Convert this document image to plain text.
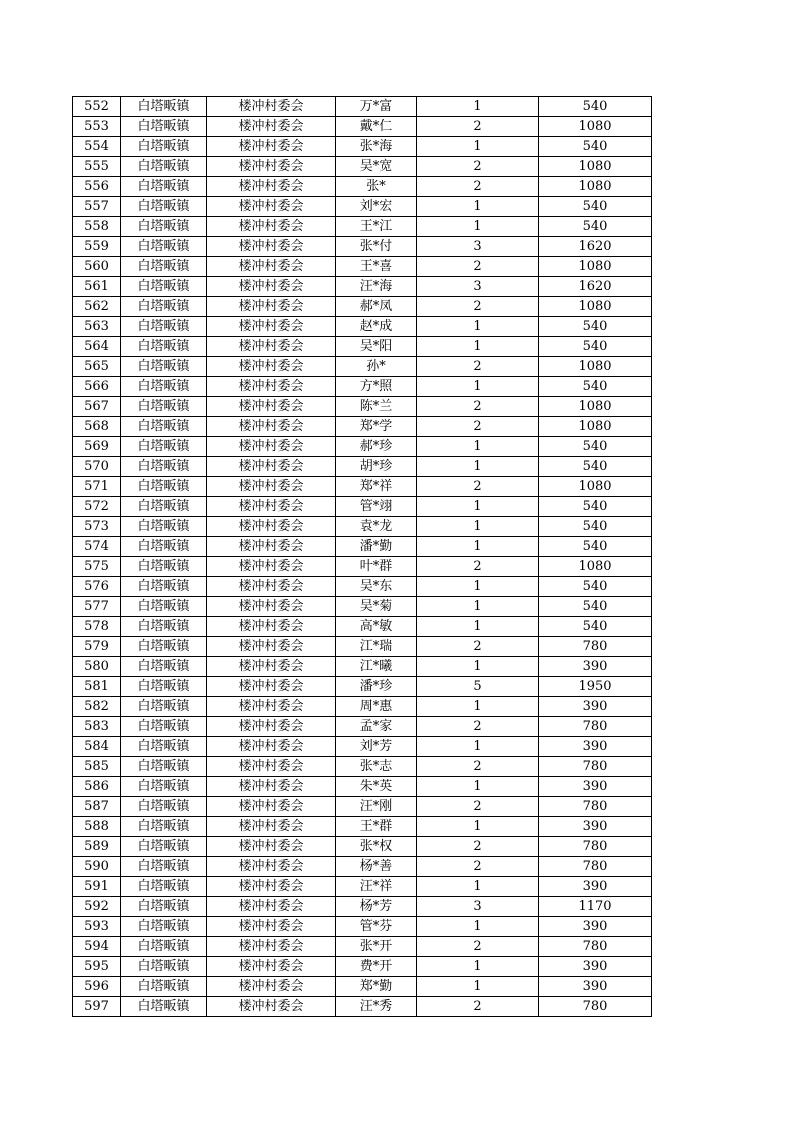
552	白塔畈镇	楼冲村委会	万*富	1	540
553	白塔畈镇	楼冲村委会	戴*仁	2	1080
554	白塔畈镇	楼冲村委会	张*海	1	540
555	白塔畈镇	楼冲村委会	吴*宽	2	1080
556	白塔畈镇	楼冲村委会	张*	2	1080
557	白塔畈镇	楼冲村委会	刘*宏	1	540
558	白塔畈镇	楼冲村委会	王*江	1	540
559	白塔畈镇	楼冲村委会	张*付	3	1620
560	白塔畈镇	楼冲村委会	王*喜	2	1080
561	白塔畈镇	楼冲村委会	汪*海	3	1620
562	白塔畈镇	楼冲村委会	郝*凤	2	1080
563	白塔畈镇	楼冲村委会	赵*成	1	540
564	白塔畈镇	楼冲村委会	吴*阳	1	540
565	白塔畈镇	楼冲村委会	孙*	2	1080
566	白塔畈镇	楼冲村委会	方*照	1	540
567	白塔畈镇	楼冲村委会	陈*兰	2	1080
568	白塔畈镇	楼冲村委会	郑*学	2	1080
569	白塔畈镇	楼冲村委会	郝*珍	1	540
570	白塔畈镇	楼冲村委会	胡*珍	1	540
571	白塔畈镇	楼冲村委会	郑*祥	2	1080
572	白塔畈镇	楼冲村委会	管*翊	1	540
573	白塔畈镇	楼冲村委会	袁*龙	1	540
574	白塔畈镇	楼冲村委会	潘*勤	1	540
575	白塔畈镇	楼冲村委会	叶*群	2	1080
576	白塔畈镇	楼冲村委会	吴*东	1	540
577	白塔畈镇	楼冲村委会	吴*菊	1	540
578	白塔畈镇	楼冲村委会	高*敏	1	540
579	白塔畈镇	楼冲村委会	江*瑞	2	780
580	白塔畈镇	楼冲村委会	江*曦	1	390
581	白塔畈镇	楼冲村委会	潘*珍	5	1950
582	白塔畈镇	楼冲村委会	周*惠	1	390
583	白塔畈镇	楼冲村委会	孟*家	2	780
584	白塔畈镇	楼冲村委会	刘*芳	1	390
585	白塔畈镇	楼冲村委会	张*志	2	780
586	白塔畈镇	楼冲村委会	朱*英	1	390
587	白塔畈镇	楼冲村委会	汪*刚	2	780
588	白塔畈镇	楼冲村委会	王*群	1	390
589	白塔畈镇	楼冲村委会	张*权	2	780
590	白塔畈镇	楼冲村委会	杨*善	2	780
591	白塔畈镇	楼冲村委会	汪*祥	1	390
592	白塔畈镇	楼冲村委会	杨*芳	3	1170
593	白塔畈镇	楼冲村委会	管*芬	1	390
594	白塔畈镇	楼冲村委会	张*开	2	780
595	白塔畈镇	楼冲村委会	费*开	1	390
596	白塔畈镇	楼冲村委会	郑*勤	1	390
597	白塔畈镇	楼冲村委会	汪*秀	2	780
